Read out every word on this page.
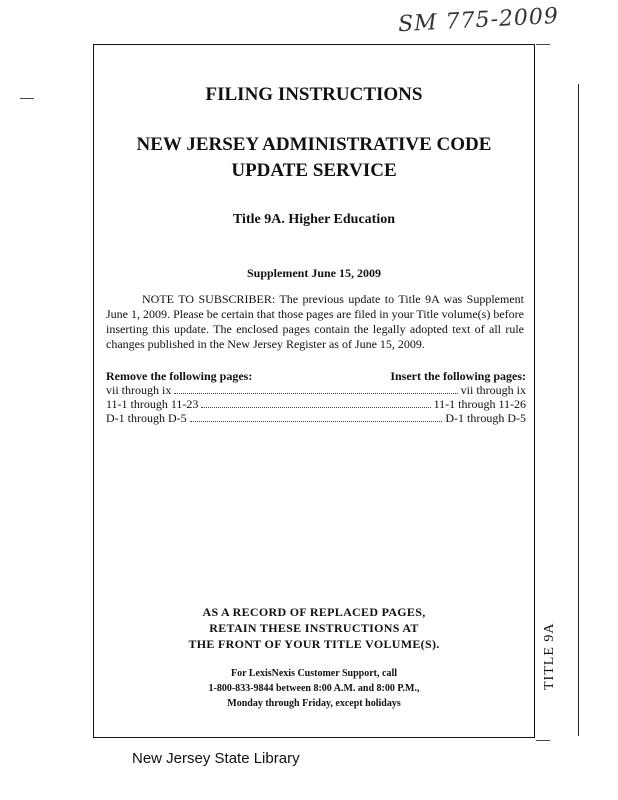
SM 775-2009
FILING INSTRUCTIONS
NEW JERSEY ADMINISTRATIVE CODE
UPDATE SERVICE
Title 9A. Higher Education
Supplement June 15, 2009
NOTE TO SUBSCRIBER: The previous update to Title 9A was Supplement June 1, 2009. Please be certain that those pages are filed in your Title volume(s) before inserting this update. The enclosed pages contain the legally adopted text of all rule changes published in the New Jersey Register as of June 15, 2009.
Remove the following pages:	Insert the following pages:
vii through ix	vii through ix
11-1 through 11-23	11-1 through 11-26
D-1 through D-5	D-1 through D-5
AS A RECORD OF REPLACED PAGES,
RETAIN THESE INSTRUCTIONS AT
THE FRONT OF YOUR TITLE VOLUME(S).
For LexisNexis Customer Support, call
1-800-833-9844 between 8:00 A.M. and 8:00 P.M.,
Monday through Friday, except holidays
TITLE 9A
New Jersey State Library
